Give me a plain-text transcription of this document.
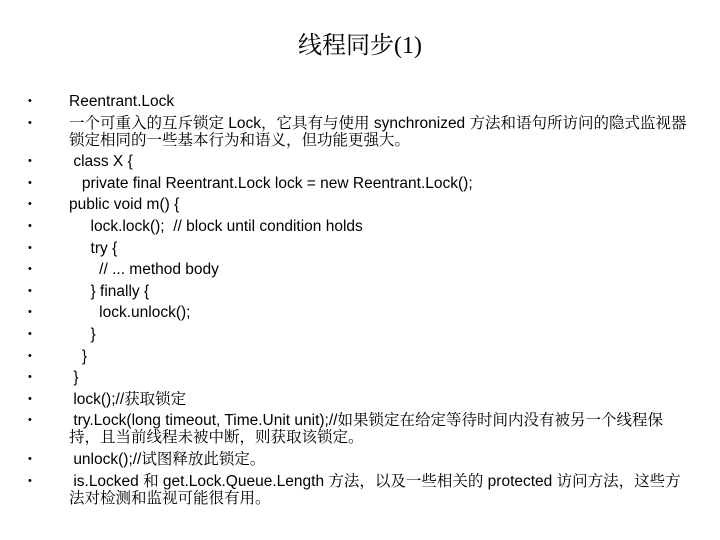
线程同步(1)
• Reentrant.Lock
• 一个可重入的互斥锁定 Lock，它具有与使用 synchronized 方法和语句所访问的隐式监视器锁定相同的一些基本行为和语义，但功能更强大。
• class X {
• private final Reentrant.Lock lock = new Reentrant.Lock();
• public void m() {
• lock.lock();  // block until condition holds
• try {
• // ... method body
• } finally {
• lock.unlock();
• }
• }
• }
• lock();//获取锁定
• try.Lock(long timeout, Time.Unit unit);//如果锁定在给定等待时间内没有被另一个线程保持，且当前线程未被中断，则获取该锁定。
• unlock();//试图释放此锁定。
• is.Locked 和 get.Lock.Queue.Length 方法，以及一些相关的 protected 访问方法，这些方法对检测和监视可能很有用。
